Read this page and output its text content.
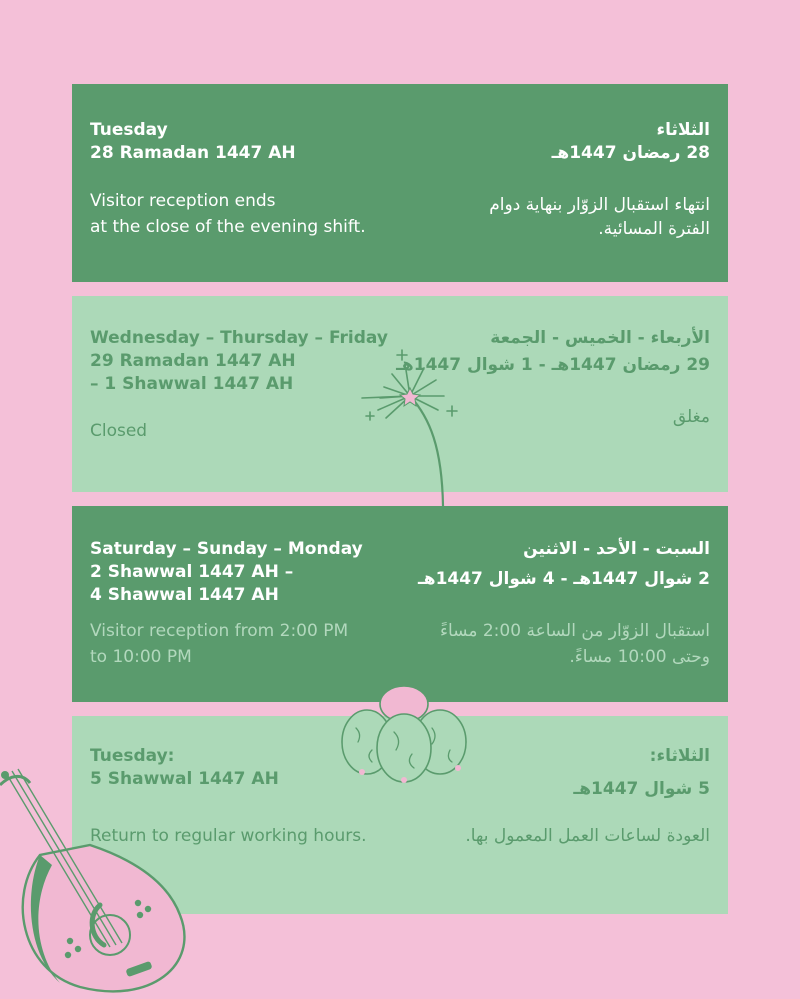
Tuesday
28 Ramadan 1447 AH
Visitor reception ends
at the close of the evening shift.
الثلاثاء
28 رمضان 1447هـ
انتهاء استقبال الزوّار بنهاية دوام
الفترة المسائية.
Wednesday – Thursday – Friday
29 Ramadan 1447 AH
– 1 Shawwal 1447 AH
Closed
الأربعاء - الخميس - الجمعة
29 رمضان 1447هـ - 1 شوال 1447هـ
مغلق
Saturday – Sunday – Monday
2 Shawwal 1447 AH –
4 Shawwal 1447 AH
Visitor reception from 2:00 PM
to 10:00 PM
السبت - الأحد - الاثنين
2 شوال 1447هـ - 4 شوال 1447هـ
استقبال الزوّار من الساعة 2:00 مساءً
وحتى 10:00 مساءً.
Tuesday:
5 Shawwal 1447 AH
Return to regular working hours.
الثلاثاء:
5 شوال 1447هـ
العودة لساعات العمل المعمول بها.
